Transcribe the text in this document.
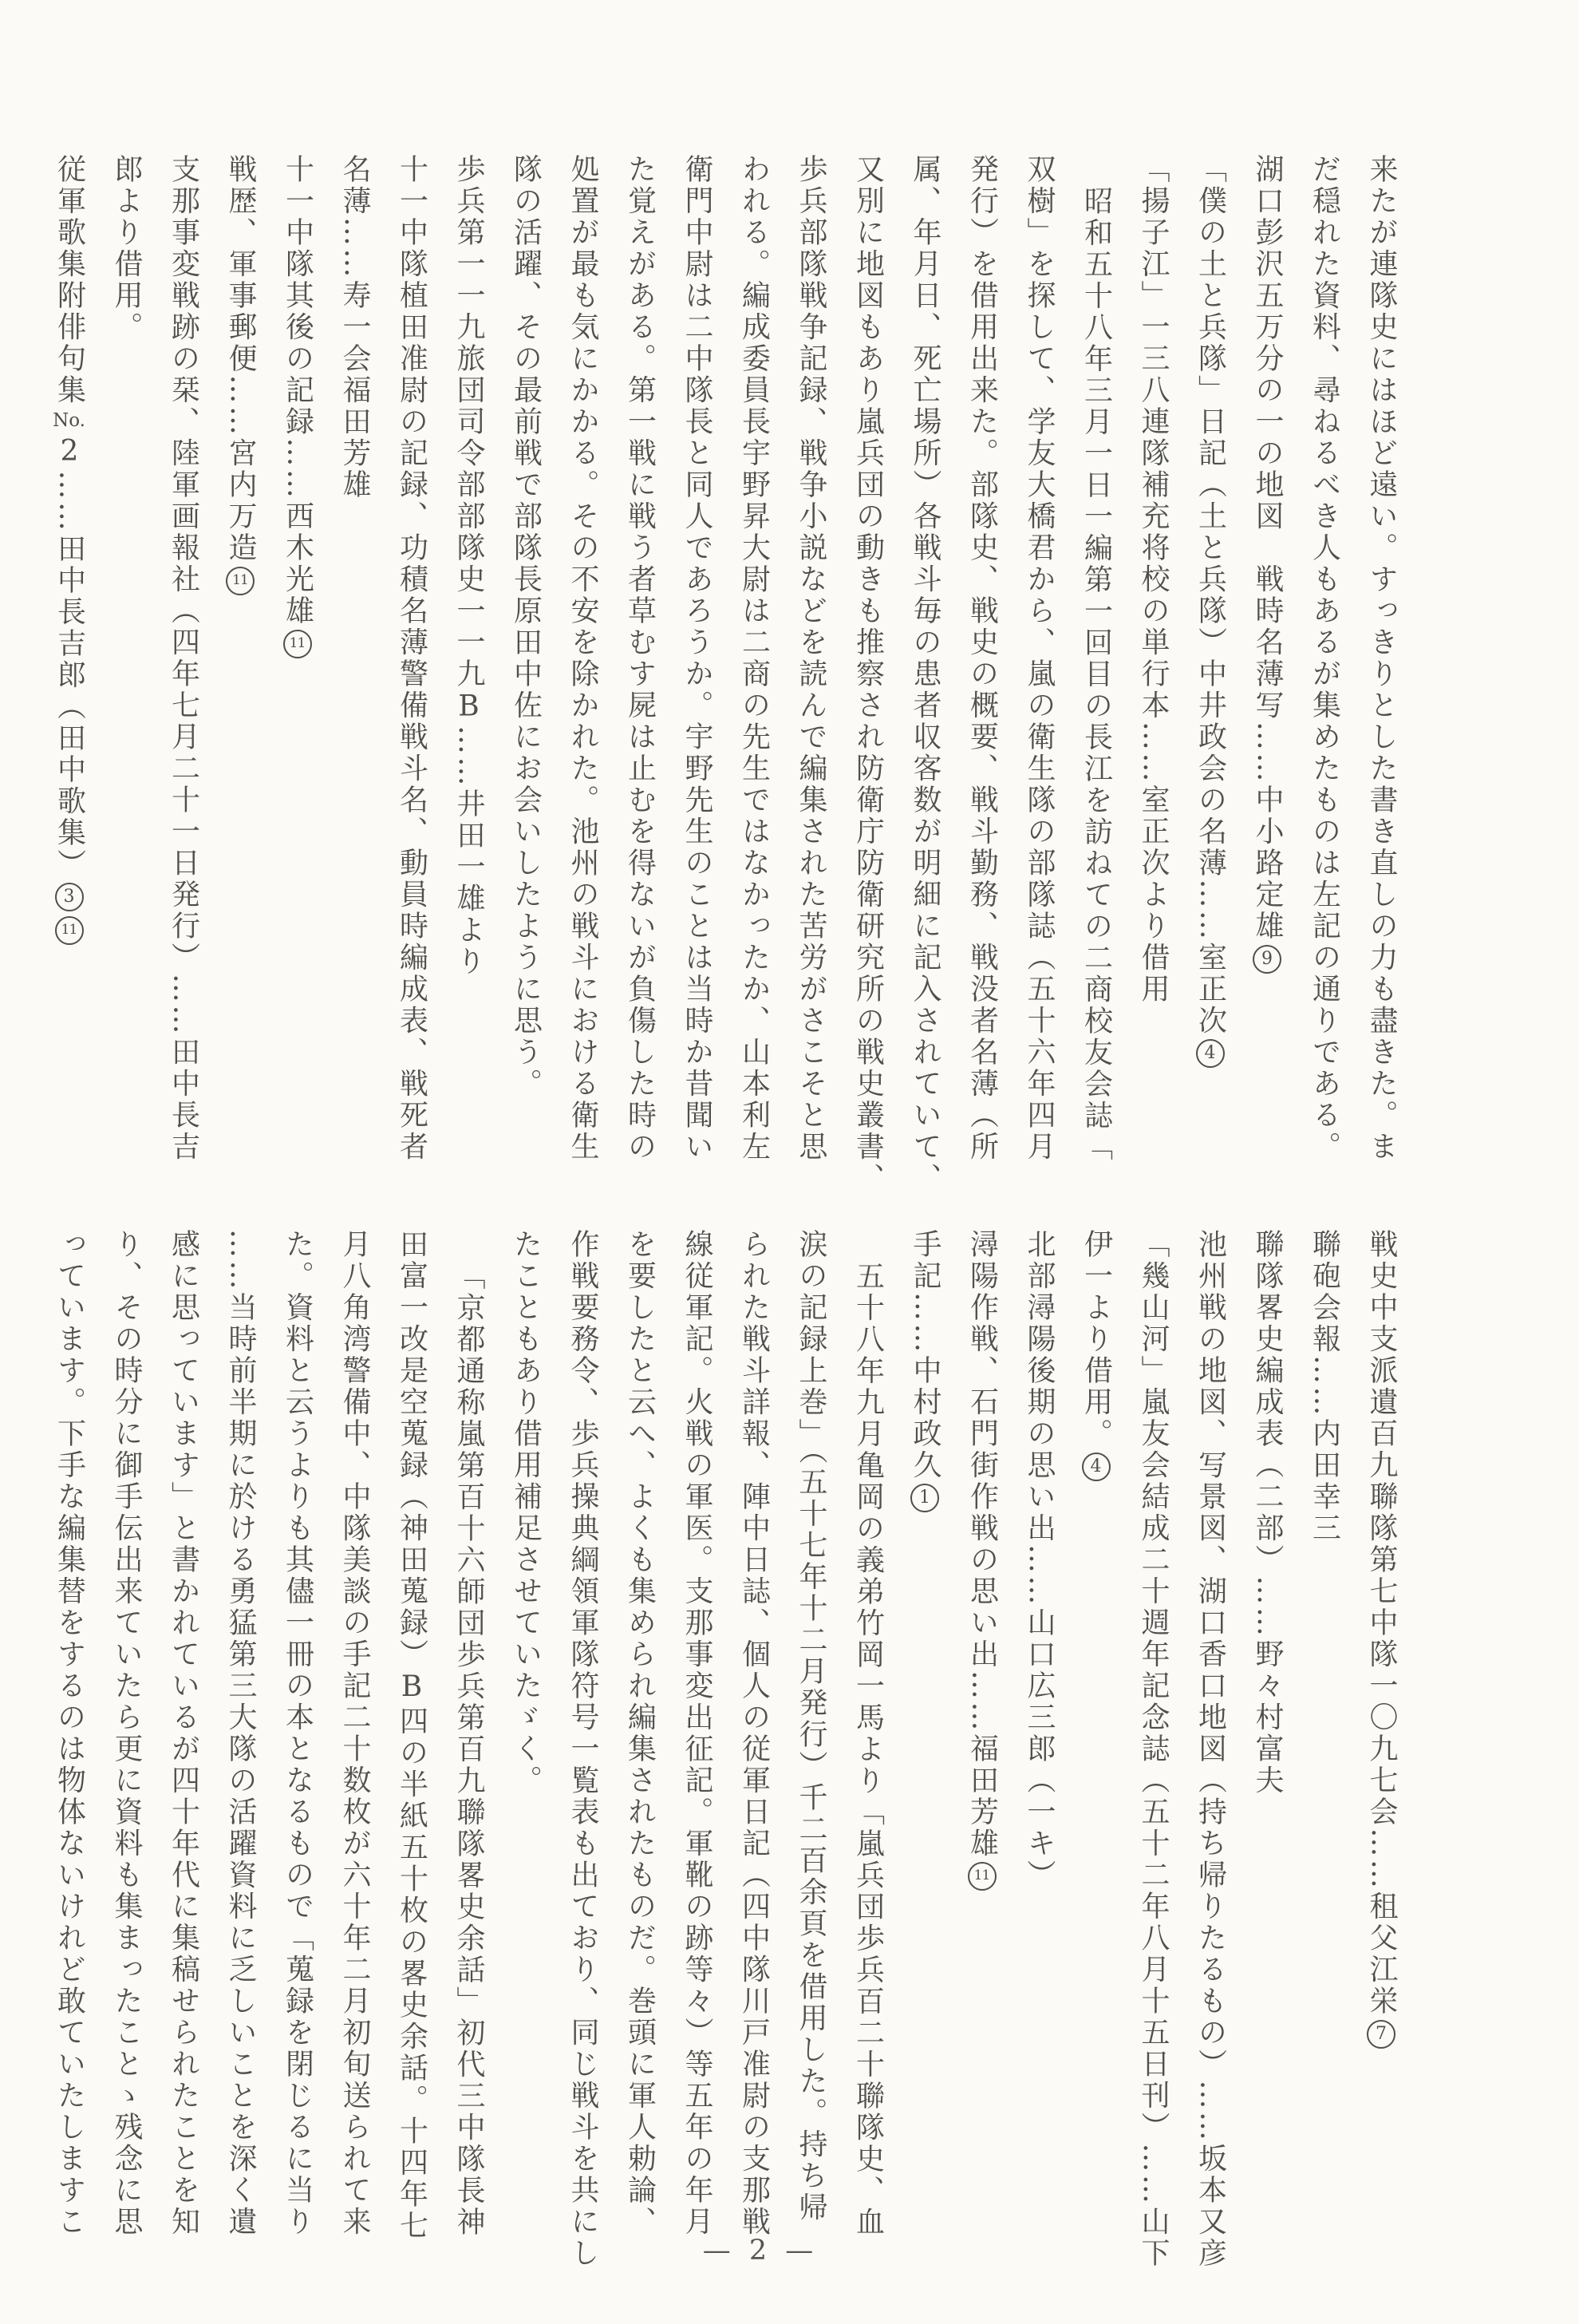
来たが連隊史にはほど遠い。すっきりとした書き直しの力も盡きた。ま

だ穏れた資料、尋ねるべき人もあるが集めたものは左記の通りである。

湖口彭沢五万分の一の地図　戦時名薄写……中小路定雄9

「僕の土と兵隊」日記（土と兵隊）中井政会の名薄……室正次4

「揚子江」一三八連隊補充将校の単行本……室正次より借用

昭和五十八年三月一日一編第一回目の長江を訪ねての二商校友会誌「

双樹」を探して、学友大橋君から、嵐の衛生隊の部隊誌（五十六年四月

発行）を借用出来た。部隊史、戦史の概要、戦斗勤務、戦没者名薄（所

属、年月日、死亡場所）各戦斗毎の患者収客数が明細に記入されていて、

又別に地図もあり嵐兵団の動きも推察され防衛庁防衛研究所の戦史叢書、

歩兵部隊戦争記録、戦争小説などを読んで編集された苦労がさこそと思

われる。編成委員長宇野昇大尉は二商の先生ではなかったか、山本利左

衛門中尉は二中隊長と同人であろうか。宇野先生のことは当時か昔聞い

た覚えがある。第一戦に戦う者草むす屍は止むを得ないが負傷した時の

処置が最も気にかかる。その不安を除かれた。池州の戦斗における衛生

隊の活躍、その最前戦で部隊長原田中佐にお会いしたように思う。

歩兵第一一九旅団司令部部隊史一一九B……井田一雄より

十一中隊植田准尉の記録、功積名薄警備戦斗名、動員時編成表、戦死者

名薄……寿一会福田芳雄

十一中隊其後の記録……西木光雄11

戦歴、軍事郵便……宮内万造11

支那事変戦跡の栞、陸軍画報社（四年七月二十一日発行）……田中長吉

郎より借用。

従軍歌集附俳句集No.2……田中長吉郎（田中歌集）311

戦史中支派遺百九聯隊第七中隊一〇九七会……租父江栄7

聯砲会報……内田幸三

聯隊畧史編成表（二部）……野々村富夫

池州戦の地図、写景図、湖口香口地図（持ち帰りたるもの）……坂本又彦

「幾山河」嵐友会結成二十週年記念誌（五十二年八月十五日刊）……山下

伊一より借用。4

北部潯陽後期の思い出……山口広三郎（一キ）

潯陽作戦、石門街作戦の思い出……福田芳雄11

手記……中村政久1

五十八年九月亀岡の義弟竹岡一馬より「嵐兵団歩兵百二十聯隊史、血

涙の記録上巻」（五十七年十二月発行）千二百余頁を借用した。持ち帰

られた戦斗詳報、陣中日誌、個人の従軍日記（四中隊川戸准尉の支那戦

線従軍記。火戦の軍医。支那事変出征記。軍靴の跡等々）等五年の年月

を要したと云へ、よくも集められ編集されたものだ。巻頭に軍人勅論、

作戦要務令、歩兵操典綱領軍隊符号一覧表も出ており、同じ戦斗を共にし

たこともあり借用補足させていたゞく。

「京都通称嵐第百十六師団歩兵第百九聯隊畧史余話」初代三中隊長神

田富一改是空蒐録（神田蒐録）B四の半紙五十枚の畧史余話。十四年七

月八角湾警備中、中隊美談の手記二十数枚が六十年二月初旬送られて来

た。資料と云うよりも其儘一冊の本となるもので「蒐録を閉じるに当り

……当時前半期に於ける勇猛第三大隊の活躍資料に乏しいことを深く遺

感に思っています」と書かれているが四十年代に集稿せられたことを知

り、その時分に御手伝出来ていたら更に資料も集まったことゝ残念に思

っています。下手な編集替をするのは物体ないけれど敢ていたしますこ

— 2 —
